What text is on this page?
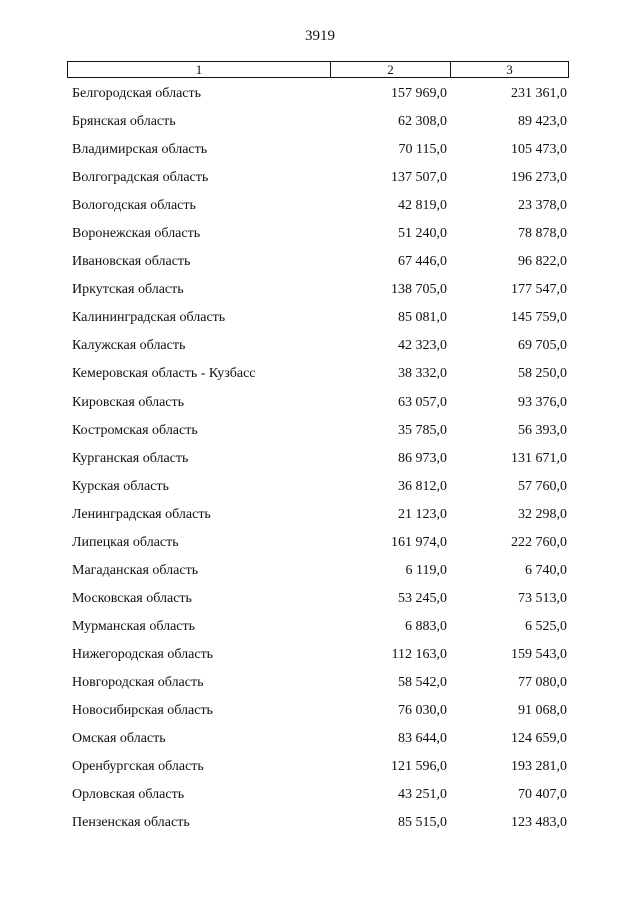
3919
1	2	3
Белгородская область	157 969,0	231 361,0
Брянская область	62 308,0	89 423,0
Владимирская область	70 115,0	105 473,0
Волгоградская область	137 507,0	196 273,0
Вологодская область	42 819,0	23 378,0
Воронежская область	51 240,0	78 878,0
Ивановская область	67 446,0	96 822,0
Иркутская область	138 705,0	177 547,0
Калининградская область	85 081,0	145 759,0
Калужская область	42 323,0	69 705,0
Кемеровская область - Кузбасс	38 332,0	58 250,0
Кировская область	63 057,0	93 376,0
Костромская область	35 785,0	56 393,0
Курганская область	86 973,0	131 671,0
Курская область	36 812,0	57 760,0
Ленинградская область	21 123,0	32 298,0
Липецкая область	161 974,0	222 760,0
Магаданская область	6 119,0	6 740,0
Московская область	53 245,0	73 513,0
Мурманская область	6 883,0	6 525,0
Нижегородская область	112 163,0	159 543,0
Новгородская область	58 542,0	77 080,0
Новосибирская область	76 030,0	91 068,0
Омская область	83 644,0	124 659,0
Оренбургская область	121 596,0	193 281,0
Орловская область	43 251,0	70 407,0
Пензенская область	85 515,0	123 483,0
